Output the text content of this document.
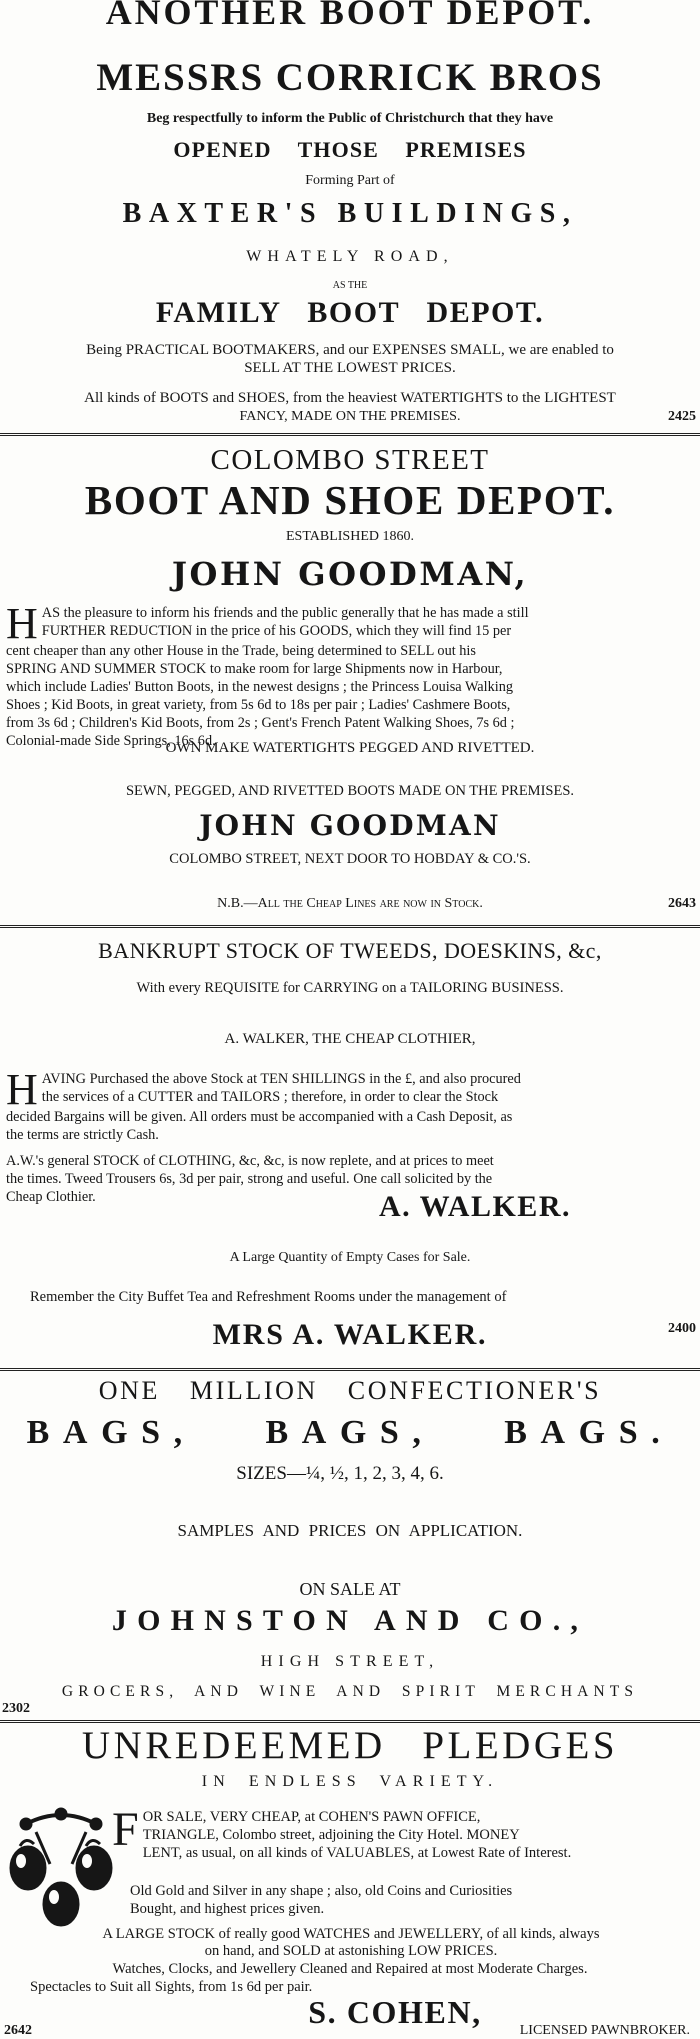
ANOTHER BOOT DEPOT.
MESSRS CORRICK BROS
Beg respectfully to inform the Public of Christchurch that they have
OPENED THOSE PREMISES
Forming Part of
BAXTER'S BUILDINGS,
WHATELY ROAD,
AS THE
FAMILY BOOT DEPOT.
Being PRACTICAL BOOTMAKERS, and our EXPENSES SMALL, we are enabled to
SELL AT THE LOWEST PRICES.
All kinds of BOOTS and SHOES, from the heaviest WATERTIGHTS to the LIGHTEST
FANCY, MADE ON THE PREMISES.	2425
COLOMBO STREET
BOOT AND SHOE DEPOT.
ESTABLISHED 1860.
JOHN GOODMAN,
H AS the pleasure to inform his friends and the public generally that he has made a still
FURTHER REDUCTION in the price of his GOODS, which they will find 15 per
cent cheaper than any other House in the Trade, being determined to SELL out his
SPRING AND SUMMER STOCK to make room for large Shipments now in Harbour,
which include Ladies' Button Boots, in the newest designs ; the Princess Louisa Walking
Shoes ; Kid Boots, in great variety, from 5s 6d to 18s per pair ; Ladies' Cashmere Boots,
from 3s 6d ; Children's Kid Boots, from 2s ; Gent's French Patent Walking Shoes, 7s 6d ;
Colonial-made Side Springs, 16s 6d.
OWN MAKE WATERTIGHTS PEGGED AND RIVETTED.
SEWN, PEGGED, AND RIVETTED BOOTS MADE ON THE PREMISES.
JOHN GOODMAN
COLOMBO STREET, NEXT DOOR TO HOBDAY & CO.'S.
N.B.—All the Cheap Lines are now in Stock.	2643
BANKRUPT STOCK OF TWEEDS, DOESKINS, &c,
With every REQUISITE for CARRYING on a TAILORING BUSINESS.
A. WALKER, THE CHEAP CLOTHIER,
H AVING Purchased the above Stock at TEN SHILLINGS in the £, and also procured
the services of a CUTTER and TAILORS ; therefore, in order to clear the Stock
decided Bargains will be given. All orders must be accompanied with a Cash Deposit, as
the terms are strictly Cash.
A.W.'s general STOCK of CLOTHING, &c, &c, is now replete, and at prices to meet
the times. Tweed Trousers 6s, 3d per pair, strong and useful. One call solicited by the
Cheap Clothier.	A. WALKER.
A Large Quantity of Empty Cases for Sale.
Remember the City Buffet Tea and Refreshment Rooms under the management of
MRS A. WALKER.	2400
ONE MILLION CONFECTIONER'S
BAGS, BAGS, BAGS.
SIZES—¼, ½, 1, 2, 3, 4, 6.
SAMPLES AND PRICES ON APPLICATION.
ON SALE AT
JOHNSTON AND CO.,
HIGH STREET,
GROCERS, AND WINE AND SPIRIT MERCHANTS
2302
UNREDEEMED PLEDGES
IN ENDLESS VARIETY.
F OR SALE, VERY CHEAP, at COHEN'S PAWN OFFICE,
TRIANGLE, Colombo street, adjoining the City Hotel. MONEY
LENT, as usual, on all kinds of VALUABLES, at Lowest Rate of Interest.
Old Gold and Silver in any shape ; also, old Coins and Curiosities
Bought, and highest prices given.
A LARGE STOCK of really good WATCHES and JEWELLERY, of all kinds, always
on hand, and SOLD at astonishing LOW PRICES.
Watches, Clocks, and Jewellery Cleaned and Repaired at most Moderate Charges.
Spectacles to Suit all Sights, from 1s 6d per pair.
S. COHEN,
LICENSED PAWNBROKER.
2642
